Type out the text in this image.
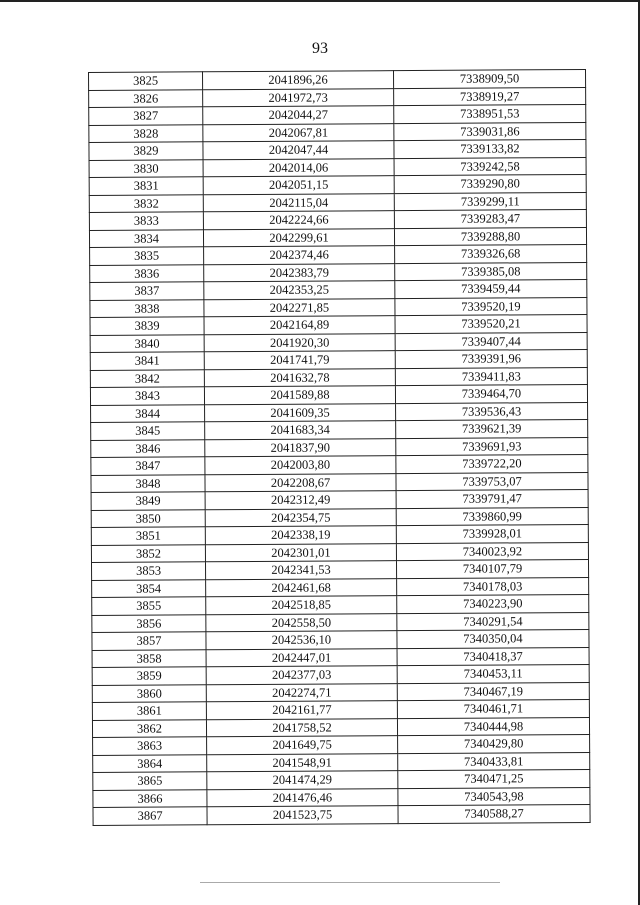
93
3825	2041896,26	7338909,50
3826	2041972,73	7338919,27
3827	2042044,27	7338951,53
3828	2042067,81	7339031,86
3829	2042047,44	7339133,82
3830	2042014,06	7339242,58
3831	2042051,15	7339290,80
3832	2042115,04	7339299,11
3833	2042224,66	7339283,47
3834	2042299,61	7339288,80
3835	2042374,46	7339326,68
3836	2042383,79	7339385,08
3837	2042353,25	7339459,44
3838	2042271,85	7339520,19
3839	2042164,89	7339520,21
3840	2041920,30	7339407,44
3841	2041741,79	7339391,96
3842	2041632,78	7339411,83
3843	2041589,88	7339464,70
3844	2041609,35	7339536,43
3845	2041683,34	7339621,39
3846	2041837,90	7339691,93
3847	2042003,80	7339722,20
3848	2042208,67	7339753,07
3849	2042312,49	7339791,47
3850	2042354,75	7339860,99
3851	2042338,19	7339928,01
3852	2042301,01	7340023,92
3853	2042341,53	7340107,79
3854	2042461,68	7340178,03
3855	2042518,85	7340223,90
3856	2042558,50	7340291,54
3857	2042536,10	7340350,04
3858	2042447,01	7340418,37
3859	2042377,03	7340453,11
3860	2042274,71	7340467,19
3861	2042161,77	7340461,71
3862	2041758,52	7340444,98
3863	2041649,75	7340429,80
3864	2041548,91	7340433,81
3865	2041474,29	7340471,25
3866	2041476,46	7340543,98
3867	2041523,75	7340588,27
